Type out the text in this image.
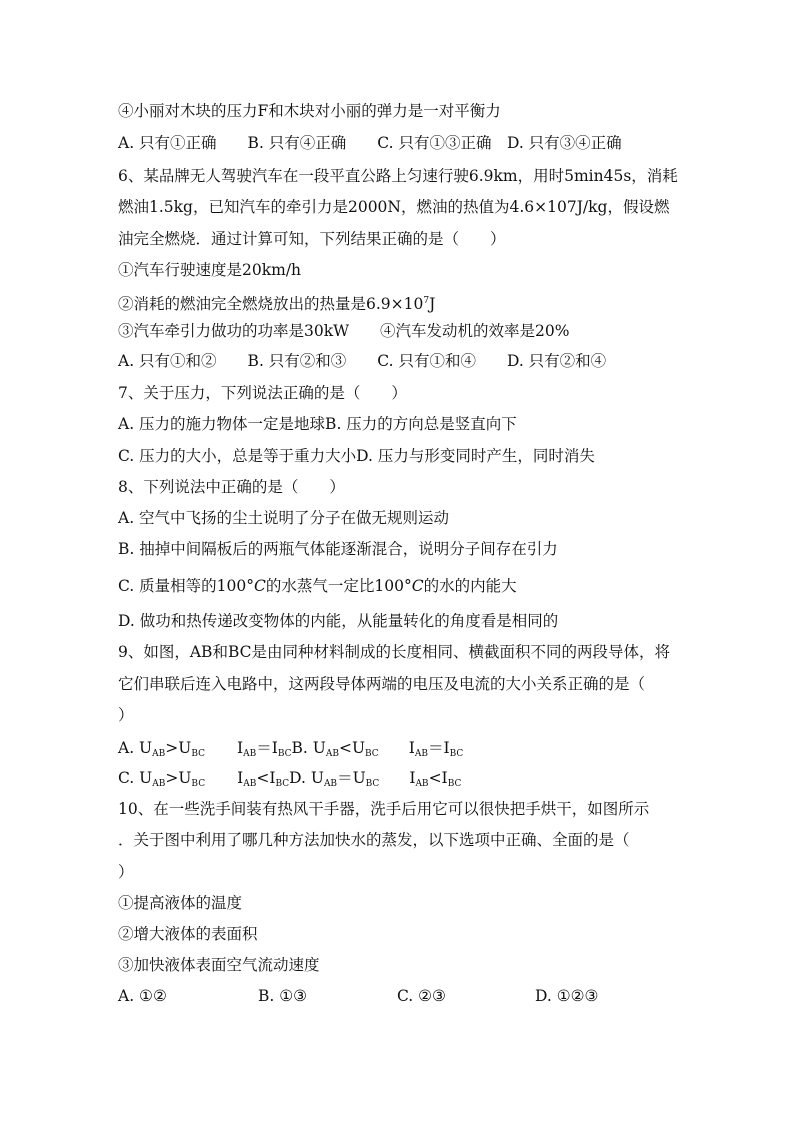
④小丽对木块的压力F和木块对小丽的弹力是一对平衡力
A. 只有①正确　　B. 只有④正确　　C. 只有①③正确　D. 只有③④正确
6、某品牌无人驾驶汽车在一段平直公路上匀速行驶6.9km，用时5min45s，消耗
燃油1.5kg，已知汽车的牵引力是2000N，燃油的热值为4.6×107J/kg，假设燃
油完全燃烧．通过计算可知，下列结果正确的是（　　）
①汽车行驶速度是20km/h
②消耗的燃油完全燃烧放出的热量是$6.9\times 10^7J$
③汽车牵引力做功的功率是30kW　　④汽车发动机的效率是20%
A. 只有①和②　　B. 只有②和③　　C. 只有①和④　　D. 只有②和④
7、关于压力，下列说法正确的是（　　）
A. 压力的施力物体一定是地球B. 压力的方向总是竖直向下
C. 压力的大小，总是等于重力大小D. 压力与形变同时产生，同时消失
8、下列说法中正确的是（　　）
A. 空气中飞扬的尘土说明了分子在做无规则运动
B. 抽掉中间隔板后的两瓶气体能逐渐混合，说明分子间存在引力
C. 质量相等的100°C的水蒸气一定比100°C的水的内能大
D. 做功和热传递改变物体的内能，从能量转化的角度看是相同的
9、如图，AB和BC是由同种材料制成的长度相同、横截面积不同的两段导体，将
它们串联后连入电路中，这两段导体两端的电压及电流的大小关系正确的是（
）
A. $U_{AB}>U_{BC}$ $I_{AB}=I_{BC}B$. $U_{AB}<U_{BC}$ $I_{AB}=I_{BC}$
C. $U_{AB}>U_{BC}$ $I_{AB}<I_{BC}D$. $U_{AB}=U_{BC}$ $I_{AB}<I_{BC}$
10、在一些洗手间装有热风干手器，洗手后用它可以很快把手烘干，如图所示
．关于图中利用了哪几种方法加快水的蒸发，以下选项中正确、全面的是（
）
①提高液体的温度
②增大液体的表面积
③加快液体表面空气流动速度
A. ①②	B. ①③	C. ②③	D. ①②③
